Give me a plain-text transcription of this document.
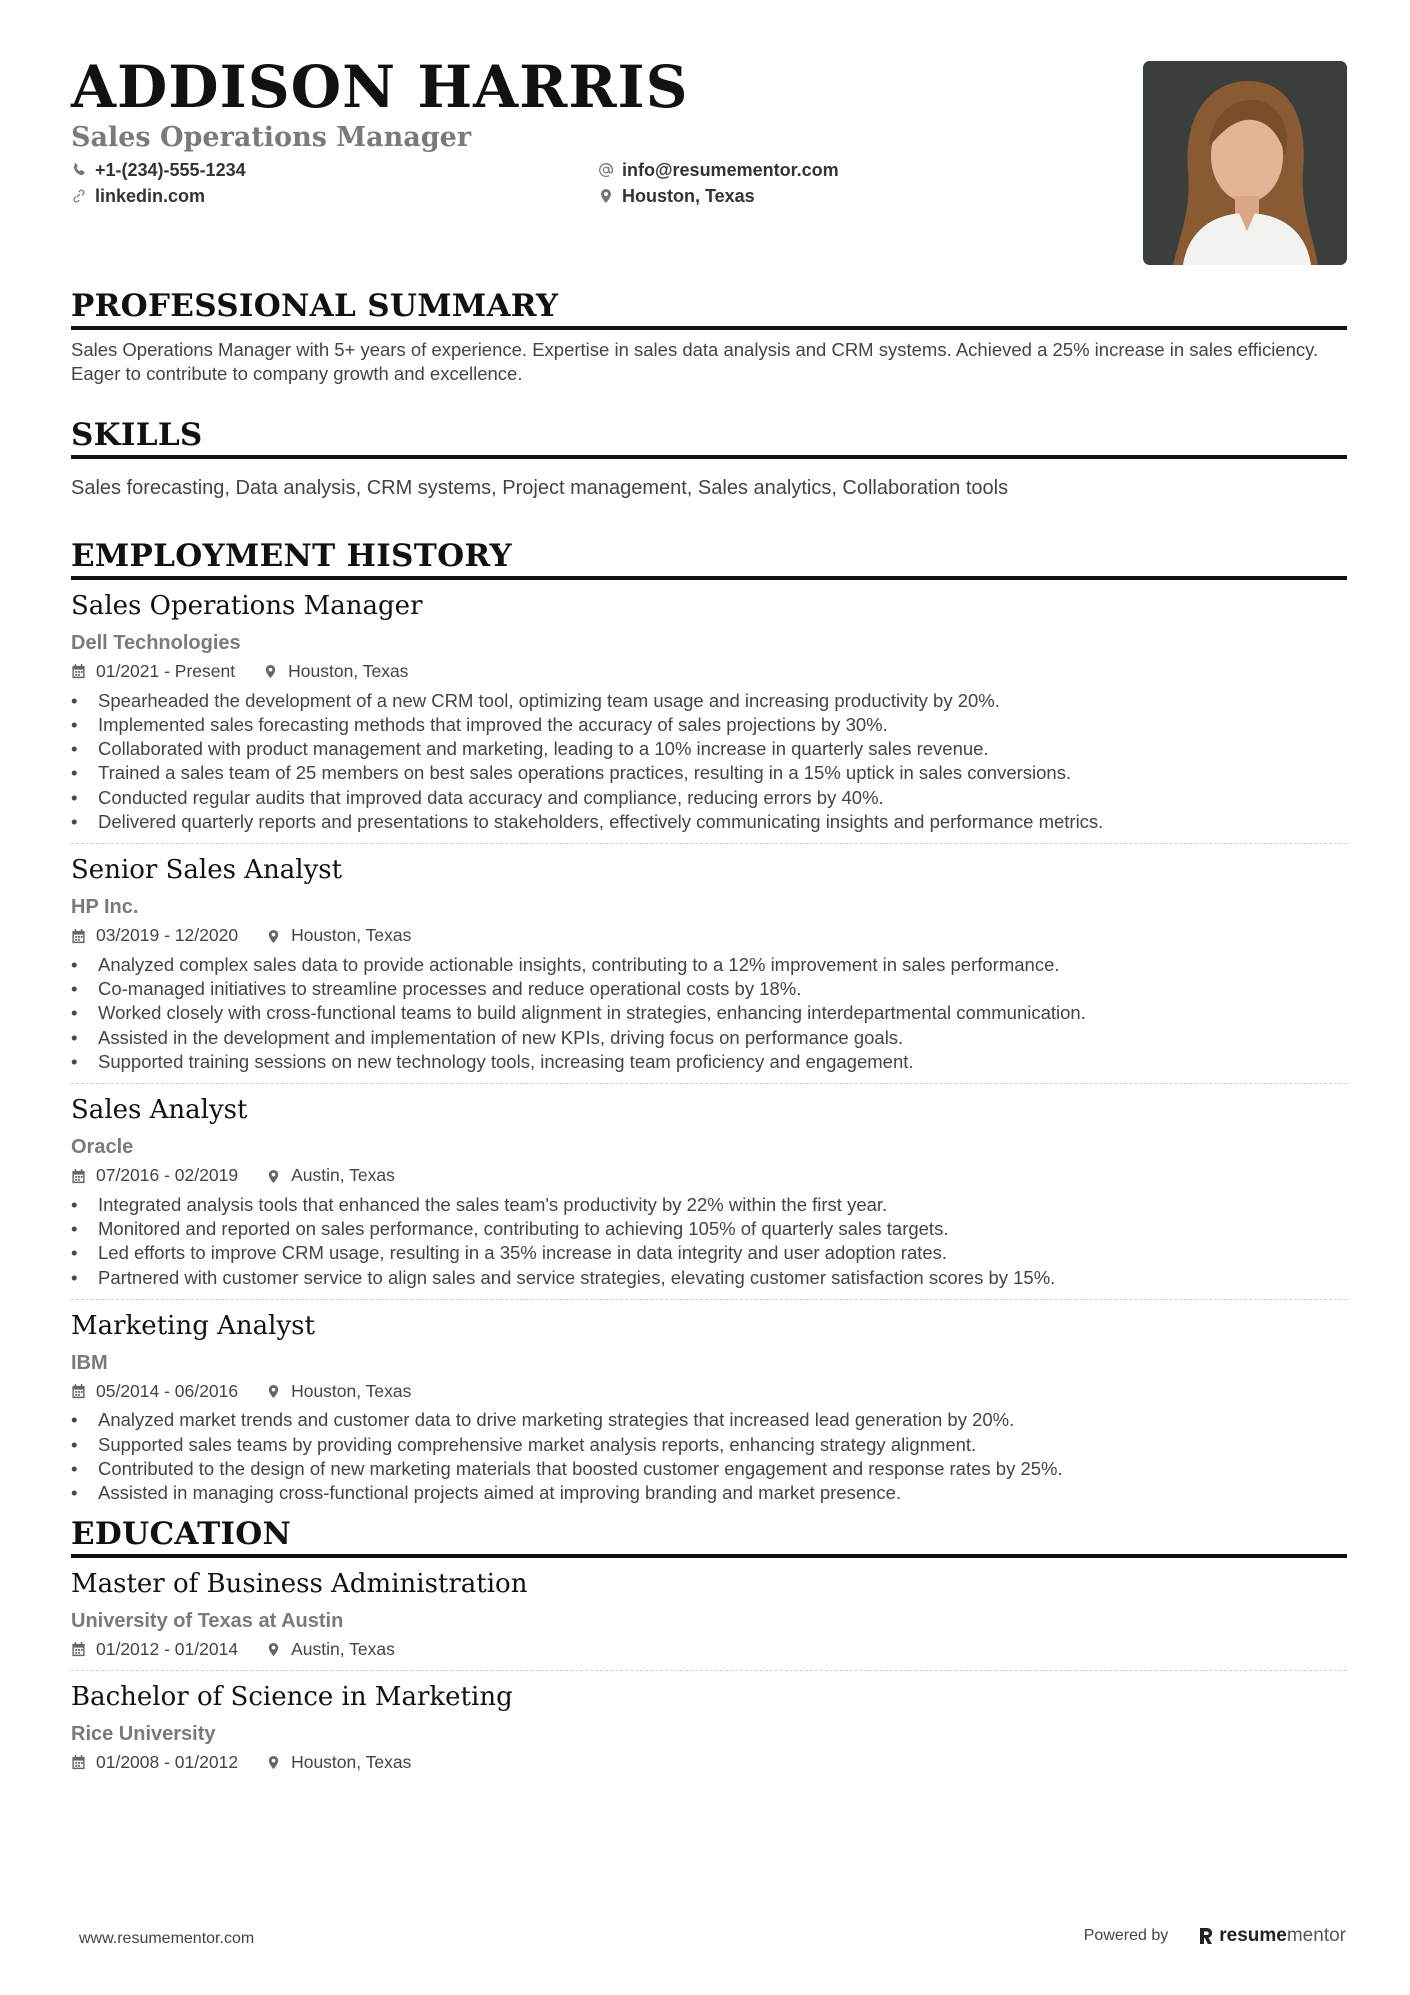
ADDISON HARRIS
Sales Operations Manager
+1-(234)-555-1234	info@resumementor.com
linkedin.com	Houston, Texas
PROFESSIONAL SUMMARY
Sales Operations Manager with 5+ years of experience. Expertise in sales data analysis and CRM systems. Achieved a 25% increase in sales efficiency. Eager to contribute to company growth and excellence.
SKILLS
Sales forecasting, Data analysis, CRM systems, Project management, Sales analytics, Collaboration tools
EMPLOYMENT HISTORY
Sales Operations Manager
Dell Technologies
01/2021 - Present	Houston, Texas
• Spearheaded the development of a new CRM tool, optimizing team usage and increasing productivity by 20%.
• Implemented sales forecasting methods that improved the accuracy of sales projections by 30%.
• Collaborated with product management and marketing, leading to a 10% increase in quarterly sales revenue.
• Trained a sales team of 25 members on best sales operations practices, resulting in a 15% uptick in sales conversions.
• Conducted regular audits that improved data accuracy and compliance, reducing errors by 40%.
• Delivered quarterly reports and presentations to stakeholders, effectively communicating insights and performance metrics.
Senior Sales Analyst
HP Inc.
03/2019 - 12/2020	Houston, Texas
• Analyzed complex sales data to provide actionable insights, contributing to a 12% improvement in sales performance.
• Co-managed initiatives to streamline processes and reduce operational costs by 18%.
• Worked closely with cross-functional teams to build alignment in strategies, enhancing interdepartmental communication.
• Assisted in the development and implementation of new KPIs, driving focus on performance goals.
• Supported training sessions on new technology tools, increasing team proficiency and engagement.
Sales Analyst
Oracle
07/2016 - 02/2019	Austin, Texas
• Integrated analysis tools that enhanced the sales team's productivity by 22% within the first year.
• Monitored and reported on sales performance, contributing to achieving 105% of quarterly sales targets.
• Led efforts to improve CRM usage, resulting in a 35% increase in data integrity and user adoption rates.
• Partnered with customer service to align sales and service strategies, elevating customer satisfaction scores by 15%.
Marketing Analyst
IBM
05/2014 - 06/2016	Houston, Texas
• Analyzed market trends and customer data to drive marketing strategies that increased lead generation by 20%.
• Supported sales teams by providing comprehensive market analysis reports, enhancing strategy alignment.
• Contributed to the design of new marketing materials that boosted customer engagement and response rates by 25%.
• Assisted in managing cross-functional projects aimed at improving branding and market presence.
EDUCATION
Master of Business Administration
University of Texas at Austin
01/2012 - 01/2014	Austin, Texas
Bachelor of Science in Marketing
Rice University
01/2008 - 01/2012	Houston, Texas
www.resumementor.com	Powered by	resume mentor
